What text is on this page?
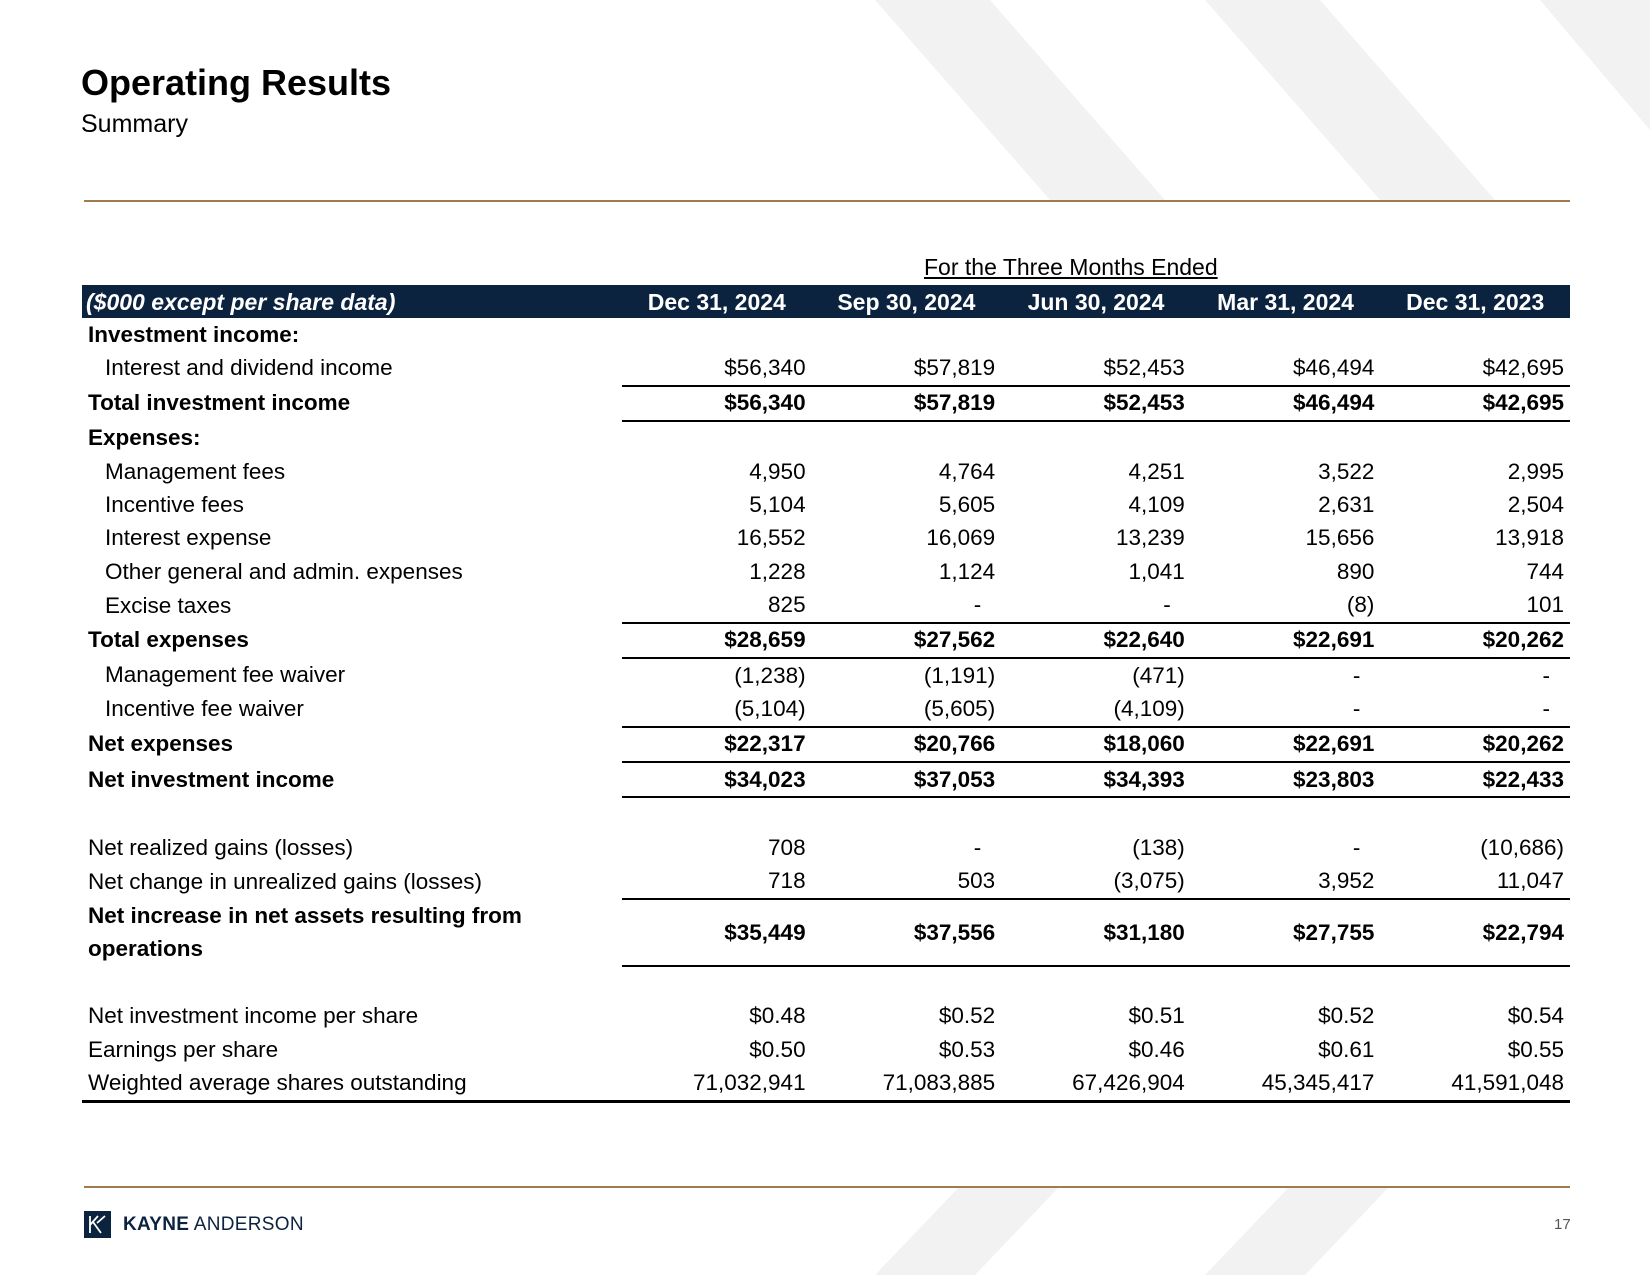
Operating Results
Summary
For the Three Months Ended
($000 except per share data)	Dec 31, 2024	Sep 30, 2024	Jun 30, 2024	Mar 31, 2024	Dec 31, 2023
Investment income:					
Interest and dividend income	$56,340	$57,819	$52,453	$46,494	$42,695
Total investment income	$56,340	$57,819	$52,453	$46,494	$42,695
Expenses:					
Management fees	4,950	4,764	4,251	3,522	2,995
Incentive fees	5,104	5,605	4,109	2,631	2,504
Interest expense	16,552	16,069	13,239	15,656	13,918
Other general and admin. expenses	1,228	1,124	1,041	890	744
Excise taxes	825	-	-	(8)	101
Total expenses	$28,659	$27,562	$22,640	$22,691	$20,262
Management fee waiver	(1,238)	(1,191)	(471)	-	-
Incentive fee waiver	(5,104)	(5,605)	(4,109)	-	-
Net expenses	$22,317	$20,766	$18,060	$22,691	$20,262
Net investment income	$34,023	$37,053	$34,393	$23,803	$22,433

Net realized gains (losses)	708	-	(138)	-	(10,686)
Net change in unrealized gains (losses)	718	503	(3,075)	3,952	11,047
Net increase in net assets resulting from operations	$35,449	$37,556	$31,180	$27,755	$22,794

Net investment income per share	$0.48	$0.52	$0.51	$0.52	$0.54
Earnings per share	$0.50	$0.53	$0.46	$0.61	$0.55
Weighted average shares outstanding	71,032,941	71,083,885	67,426,904	45,345,417	41,591,048
KAYNE ANDERSON	17
